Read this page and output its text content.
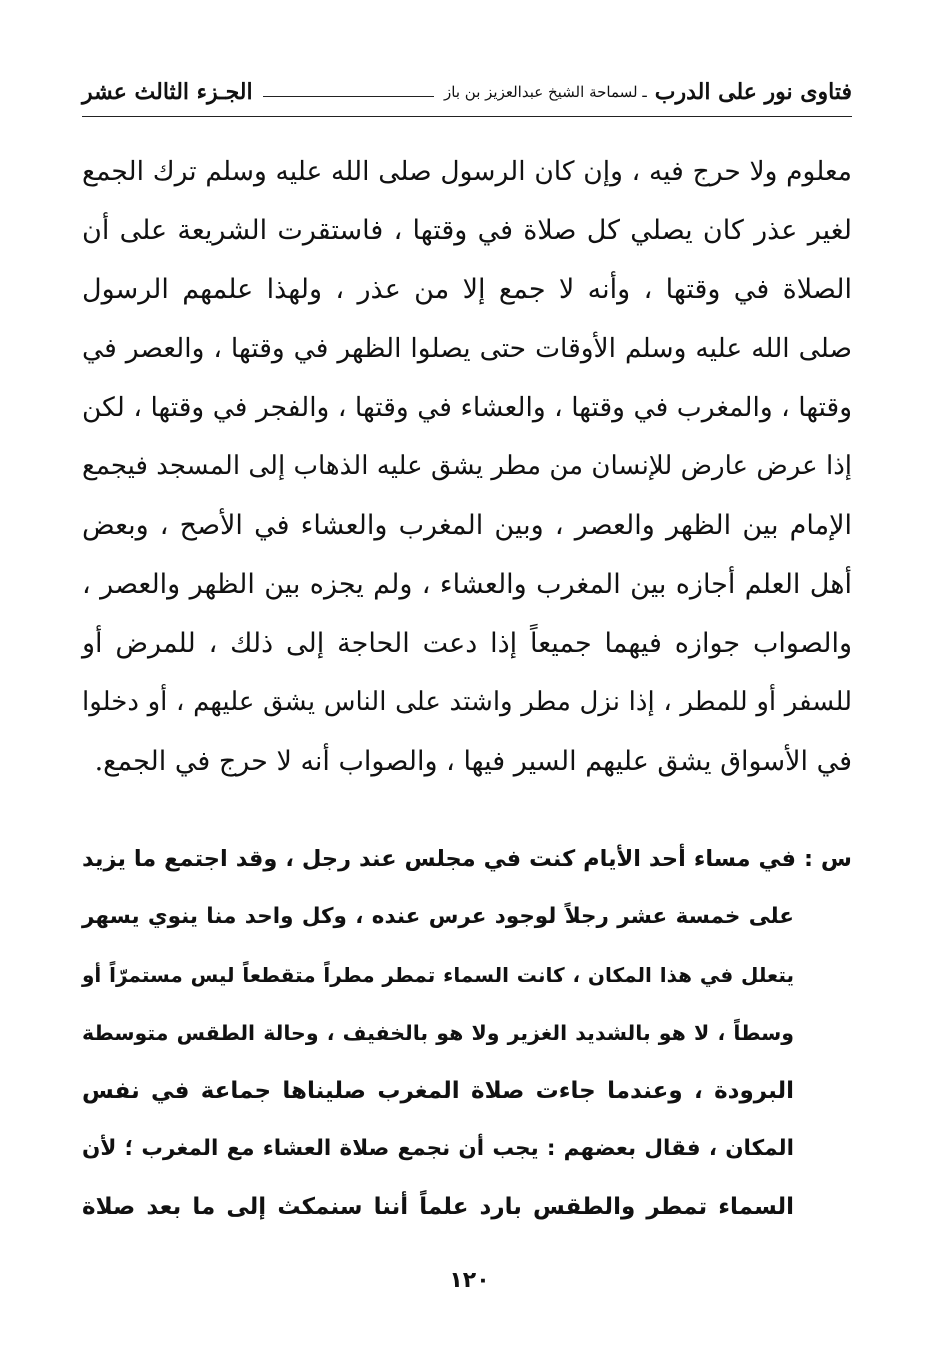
فتاوى نور على الدرب
ـ لسماحة الشيخ عبدالعزيز بن باز
الجـزء الثالث عشر
معلوم ولا حرج فيه ، وإن كان الرسول صلى الله عليه وسلم ترك الجمع
لغير عذر كان يصلي كل صلاة في وقتها ، فاستقرت الشريعة على أن
الصلاة في وقتها ، وأنه لا جمع إلا من عذر ، ولهذا علمهم الرسول
صلى الله عليه وسلم الأوقات حتى يصلوا الظهر في وقتها ، والعصر في
وقتها ، والمغرب في وقتها ، والعشاء في وقتها ، والفجر في وقتها ، لكن
إذا عرض عارض للإنسان من مطر يشق عليه الذهاب إلى المسجد فيجمع
الإمام بين الظهر والعصر ، وبين المغرب والعشاء في الأصح ، وبعض
أهل العلم أجازه بين المغرب والعشاء ، ولم يجزه بين الظهر والعصر ،
والصواب جوازه فيهما جميعاً إذا دعت الحاجة إلى ذلك ، للمرض أو
للسفر أو للمطر ، إذا نزل مطر واشتد على الناس يشق عليهم ، أو دخلوا
في الأسواق يشق عليهم السير فيها ، والصواب أنه لا حرج في الجمع.
س : في مساء أحد الأيام كنت في مجلس عند رجل ، وقد اجتمع ما يزيد
على خمسة عشر رجلاً لوجود عرس عنده ، وكل واحد منا ينوي يسهر
يتعلل في هذا المكان ، كانت السماء تمطر مطراً متقطعاً ليس مستمرّاً أو
وسطاً ، لا هو بالشديد الغزير ولا هو بالخفيف ، وحالة الطقس متوسطة
البرودة ، وعندما جاءت صلاة المغرب صليناها جماعة في نفس
المكان ، فقال بعضهم : يجب أن نجمع صلاة العشاء مع المغرب ؛ لأن
السماء تمطر والطقس بارد علماً أننا سنمكث إلى ما بعد صلاة
١٢٠
